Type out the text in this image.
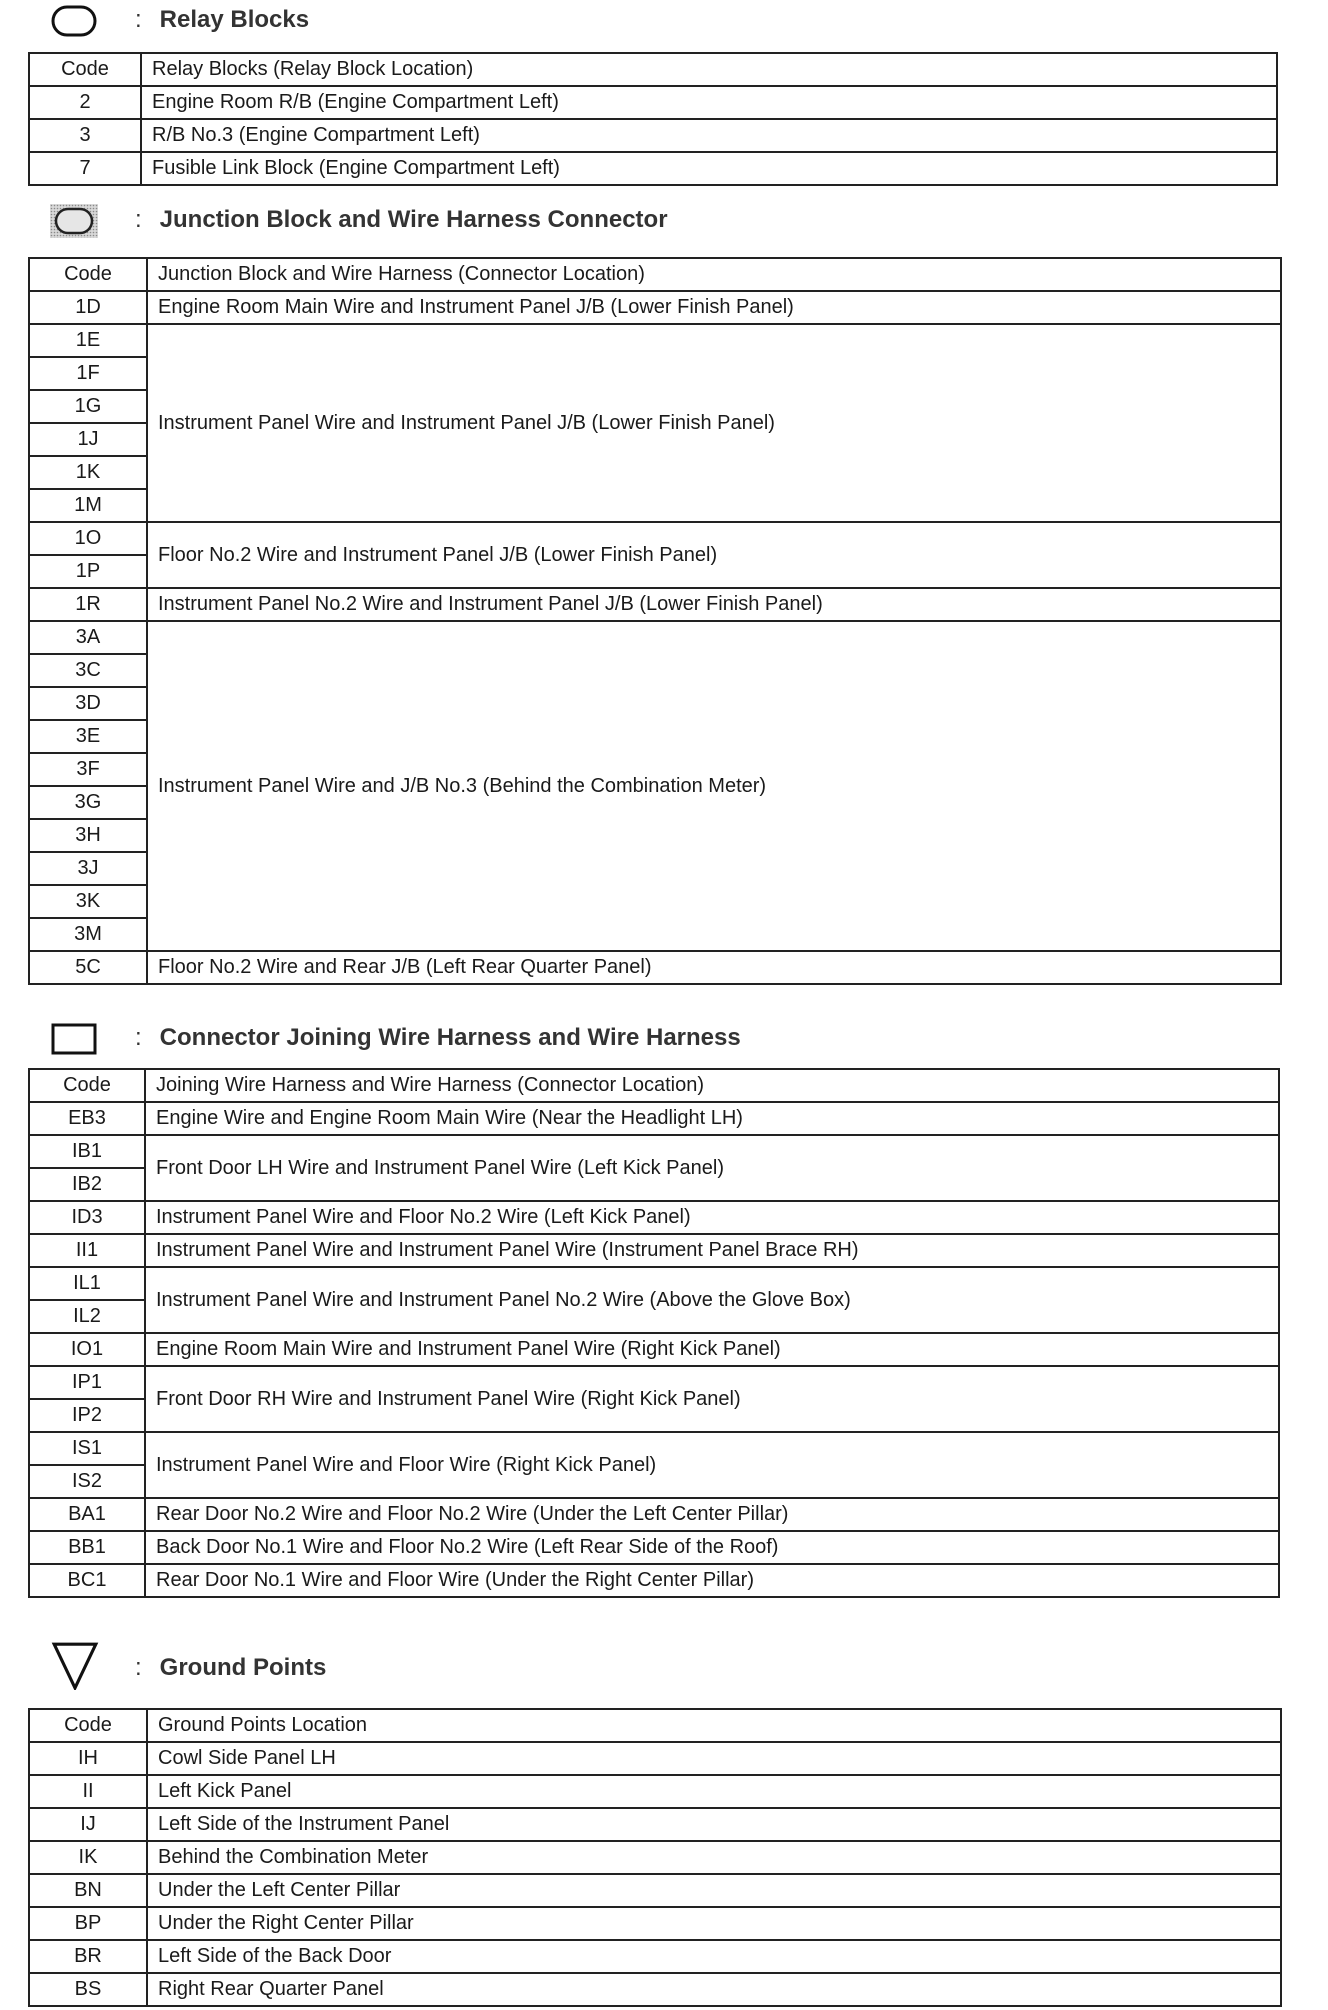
: Relay Blocks
Code	Relay Blocks (Relay Block Location)
2	Engine Room R/B (Engine Compartment Left)
3	R/B No.3 (Engine Compartment Left)
7	Fusible Link Block (Engine Compartment Left)
: Junction Block and Wire Harness Connector
Code	Junction Block and Wire Harness (Connector Location)
1D	Engine Room Main Wire and Instrument Panel J/B (Lower Finish Panel)
1E	Instrument Panel Wire and Instrument Panel J/B (Lower Finish Panel)
1F	
1G	
1J	
1K	
1M	
1O	Floor No.2 Wire and Instrument Panel J/B (Lower Finish Panel)
1P	
1R	Instrument Panel No.2 Wire and Instrument Panel J/B (Lower Finish Panel)
3A	Instrument Panel Wire and J/B No.3 (Behind the Combination Meter)
3C	
3D	
3E	
3F	
3G	
3H	
3J	
3K	
3M	
5C	Floor No.2 Wire and Rear J/B (Left Rear Quarter Panel)
: Connector Joining Wire Harness and Wire Harness
Code	Joining Wire Harness and Wire Harness (Connector Location)
EB3	Engine Wire and Engine Room Main Wire (Near the Headlight LH)
IB1	Front Door LH Wire and Instrument Panel Wire (Left Kick Panel)
IB2	
ID3	Instrument Panel Wire and Floor No.2 Wire (Left Kick Panel)
II1	Instrument Panel Wire and Instrument Panel Wire (Instrument Panel Brace RH)
IL1	Instrument Panel Wire and Instrument Panel No.2 Wire (Above the Glove Box)
IL2	
IO1	Engine Room Main Wire and Instrument Panel Wire (Right Kick Panel)
IP1	Front Door RH Wire and Instrument Panel Wire (Right Kick Panel)
IP2	
IS1	Instrument Panel Wire and Floor Wire (Right Kick Panel)
IS2	
BA1	Rear Door No.2 Wire and Floor No.2 Wire (Under the Left Center Pillar)
BB1	Back Door No.1 Wire and Floor No.2 Wire (Left Rear Side of the Roof)
BC1	Rear Door No.1 Wire and Floor Wire (Under the Right Center Pillar)
: Ground Points
Code	Ground Points Location
IH	Cowl Side Panel LH
II	Left Kick Panel
IJ	Left Side of the Instrument Panel
IK	Behind the Combination Meter
BN	Under the Left Center Pillar
BP	Under the Right Center Pillar
BR	Left Side of the Back Door
BS	Right Rear Quarter Panel
